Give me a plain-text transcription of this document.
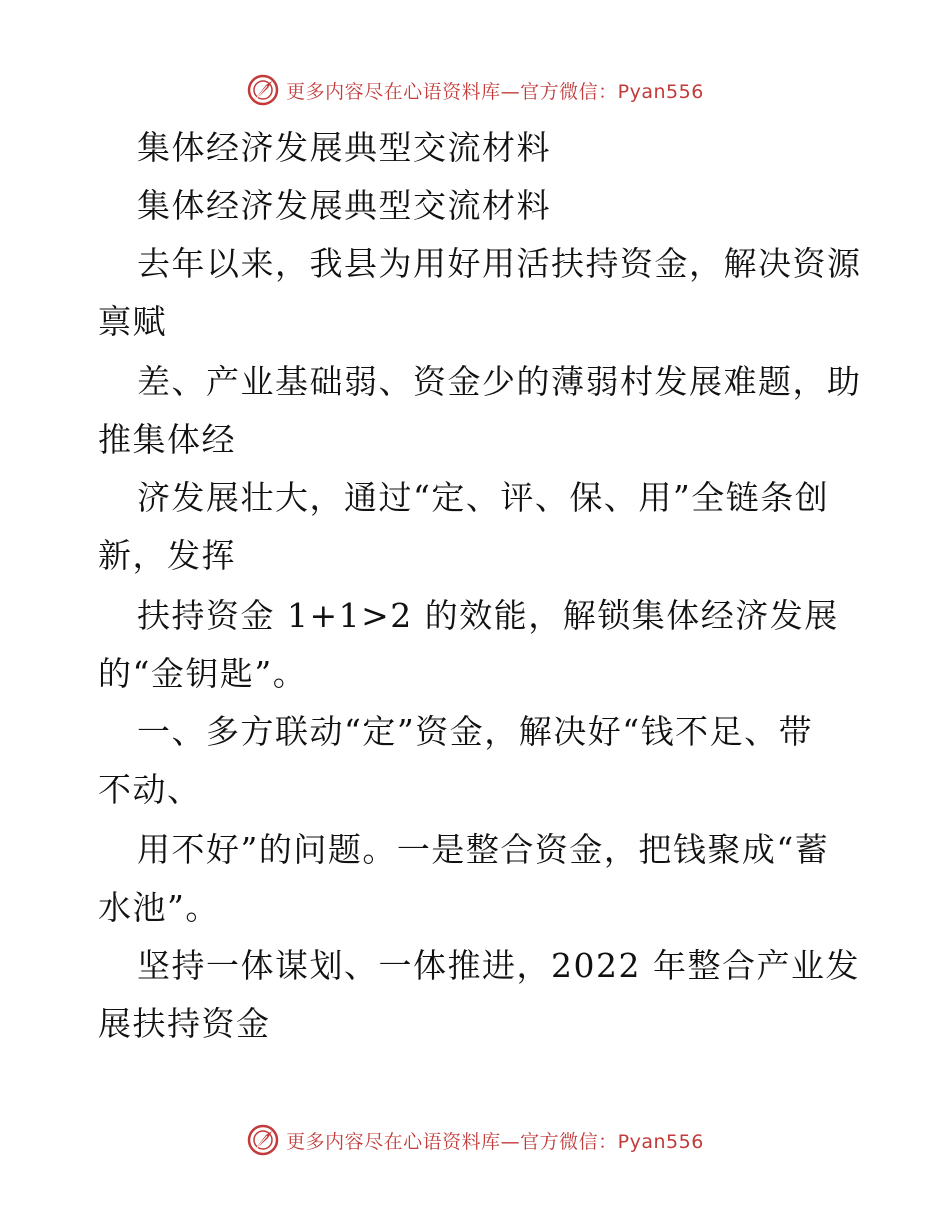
更多内容尽在心语资料库—官方微信：Pyan556
集体经济发展典型交流材料
集体经济发展典型交流材料
去年以来，我县为用好用活扶持资金，解决资源
禀赋
差、产业基础弱、资金少的薄弱村发展难题，助
推集体经
济发展壮大，通过“定、评、保、用”全链条创
新，发挥
扶持资金 1+1>2 的效能，解锁集体经济发展
的“金钥匙”。
一、多方联动“定”资金，解决好“钱不足、带
不动、
用不好”的问题。一是整合资金，把钱聚成“蓄
水池”。
坚持一体谋划、一体推进，2022 年整合产业发
展扶持资金
更多内容尽在心语资料库—官方微信：Pyan556
